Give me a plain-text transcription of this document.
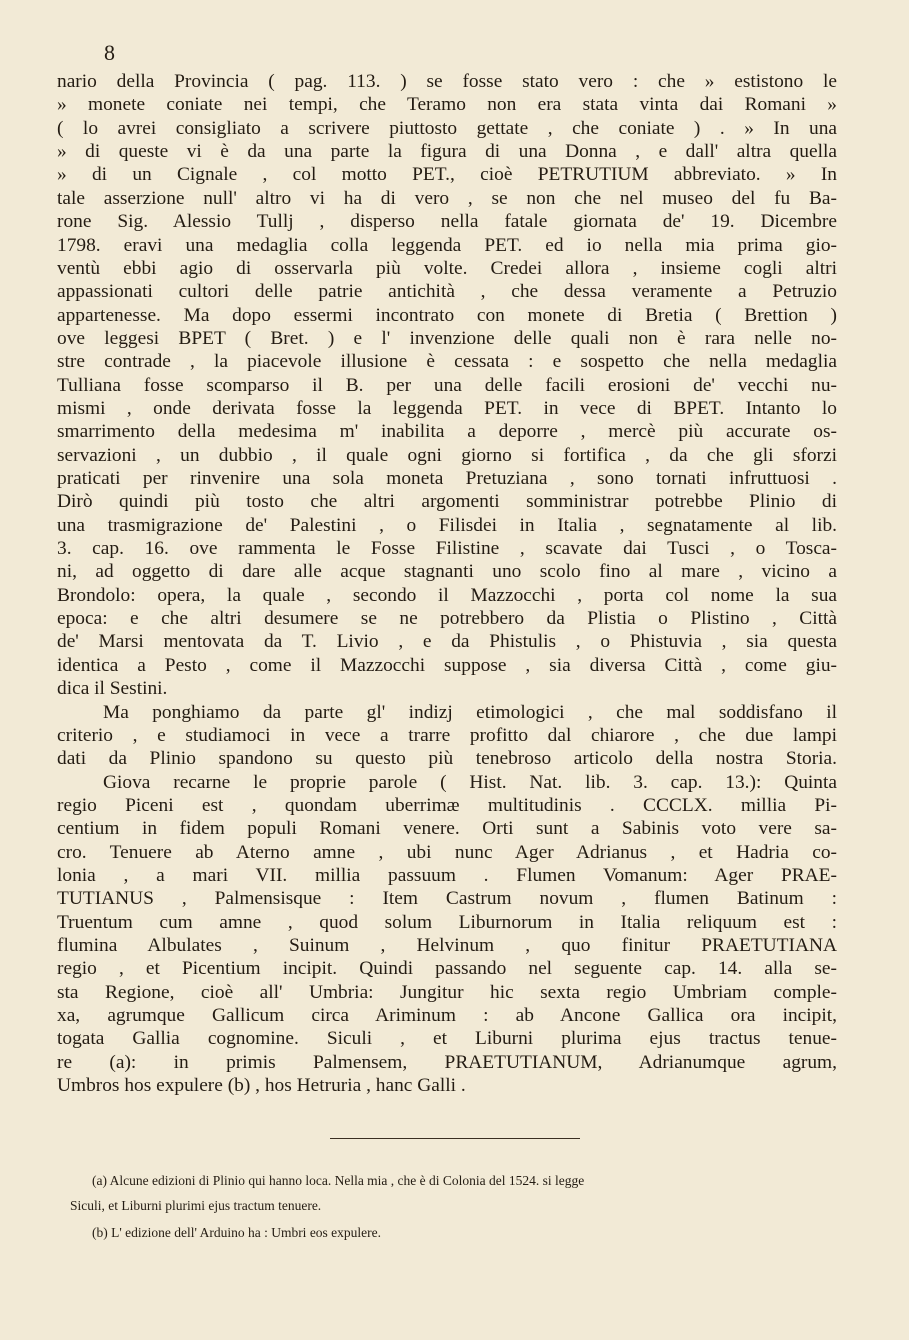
8
nario della Provincia ( pag. 113. ) se fosse stato vero : che » estistono le
» monete coniate nei tempi, che Teramo non era stata vinta dai Romani »
( lo avrei consigliato a scrivere piuttosto gettate , che coniate ) . » In una
» di queste vi è da una parte la figura di una Donna , e dall' altra quella
» di un Cignale , col motto PET., cioè PETRUTIUM abbreviato. » In
tale asserzione null' altro vi ha di vero , se non che nel museo del fu Ba-
rone Sig. Alessio Tullj , disperso nella fatale giornata de' 19. Dicembre
1798. eravi una medaglia colla leggenda PET. ed io nella mia prima gio-
ventù ebbi agio di osservarla più volte. Credei allora , insieme cogli altri
appassionati cultori delle patrie antichità , che dessa veramente a Petruzio
appartenesse. Ma dopo essermi incontrato con monete di Bretia ( Brettion )
ove leggesi BPET ( Bret. ) e l' invenzione delle quali non è rara nelle no-
stre contrade , la piacevole illusione è cessata : e sospetto che nella medaglia
Tulliana fosse scomparso il B. per una delle facili erosioni de' vecchi nu-
mismi , onde derivata fosse la leggenda PET. in vece di BPET. Intanto lo
smarrimento della medesima m' inabilita a deporre , mercè più accurate os-
servazioni , un dubbio , il quale ogni giorno si fortifica , da che gli sforzi
praticati per rinvenire una sola moneta Pretuziana , sono tornati infruttuosi .
Dirò quindi più tosto che altri argomenti somministrar potrebbe Plinio di
una trasmigrazione de' Palestini , o Filisdei in Italia , segnatamente al lib.
3. cap. 16. ove rammenta le Fosse Filistine , scavate dai Tusci , o Tosca-
ni, ad oggetto di dare alle acque stagnanti uno scolo fino al mare , vicino a
Brondolo: opera, la quale , secondo il Mazzocchi , porta col nome la sua
epoca: e che altri desumere se ne potrebbero da Plistia o Plistino , Città
de' Marsi mentovata da T. Livio , e da Phistulis , o Phistuvia , sia questa
identica a Pesto , come il Mazzocchi suppose , sia diversa Città , come giu-
dica il Sestini.
Ma ponghiamo da parte gl' indizj etimologici , che mal soddisfano il
criterio , e studiamoci in vece a trarre profitto dal chiarore , che due lampi
dati da Plinio spandono su questo più tenebroso articolo della nostra Storia.
Giova recarne le proprie parole ( Hist. Nat. lib. 3. cap. 13.): Quinta
regio Piceni est , quondam uberrimæ multitudinis . CCCLX. millia Pi-
centium in fidem populi Romani venere. Orti sunt a Sabinis voto vere sa-
cro. Tenuere ab Aterno amne , ubi nunc Ager Adrianus , et Hadria co-
lonia , a mari VII. millia passuum . Flumen Vomanum: Ager PRAE-
TUTIANUS , Palmensisque : Item Castrum novum , flumen Batinum :
Truentum cum amne , quod solum Liburnorum in Italia reliquum est :
flumina Albulates , Suinum , Helvinum , quo finitur PRAETUTIANA
regio , et Picentium incipit. Quindi passando nel seguente cap. 14. alla se-
sta Regione, cioè all' Umbria: Jungitur hic sexta regio Umbriam comple-
xa, agrumque Gallicum circa Ariminum : ab Ancone Gallica ora incipit,
togata Gallia cognomine. Siculi , et Liburni plurima ejus tractus tenue-
re (a): in primis Palmensem, PRAETUTIANUM, Adrianumque agrum,
Umbros hos expulere (b) , hos Hetruria , hanc Galli .
(a) Alcune edizioni di Plinio qui hanno loca. Nella mia , che è di Colonia del 1524. si legge
Siculi, et Liburni plurimi ejus tractum tenuere.
(b) L' edizione dell' Arduino ha : Umbri eos expulere.
